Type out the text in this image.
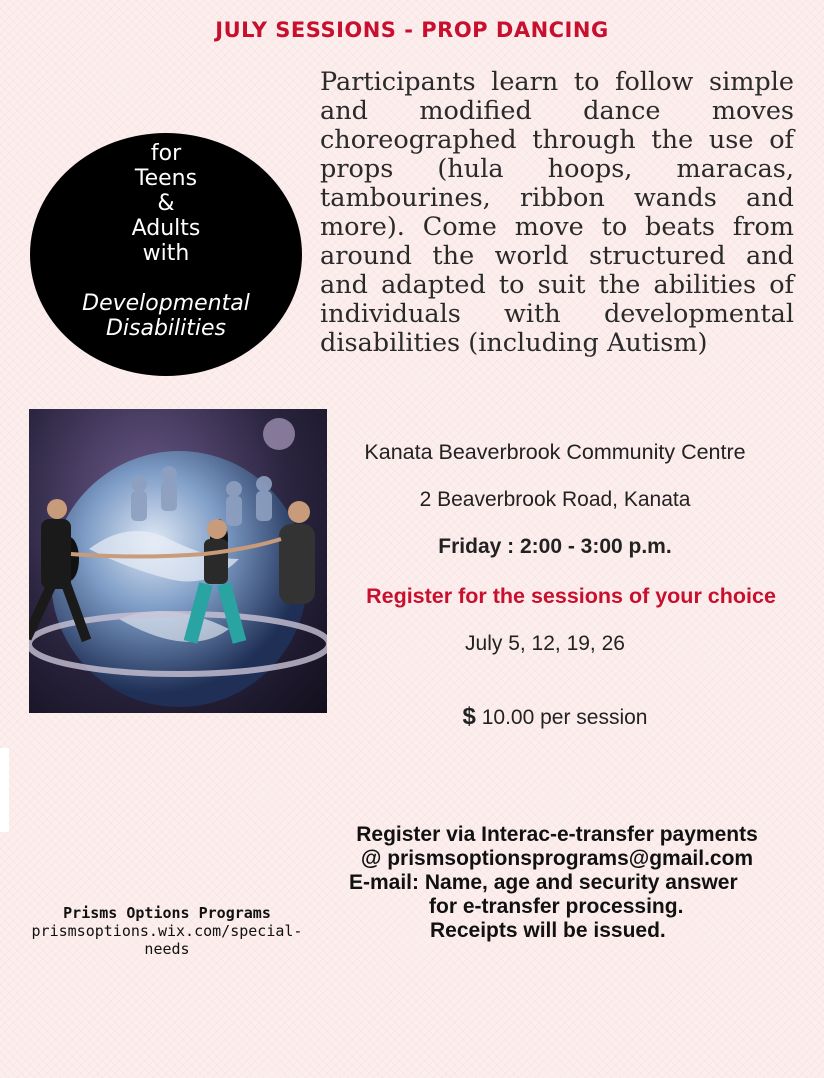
JULY SESSIONS - PROP DANCING
for
Teens
&
Adults
with
Developmental
Disabilities
Participants learn to follow simple and modified dance moves choreographed through the use of props (hula hoops, maracas, tambourines, ribbon wands and more). Come move to beats from around the world structured and and adapted to suit the abilities of individuals with developmental disabilities (including Autism)
Kanata Beaverbrook Community Centre
2 Beaverbrook Road, Kanata
Friday : 2:00 - 3:00 p.m.
Register for the sessions of your choice
July 5, 12, 19, 26
$ 10.00 per session
Register via Interac-e-transfer payments
@ prismsoptionsprograms@gmail.com
E-mail: Name, age and security answer
for e-transfer processing.
Receipts will be issued.
Prisms Options Programs
prismsoptions.wix.com/special-needs
